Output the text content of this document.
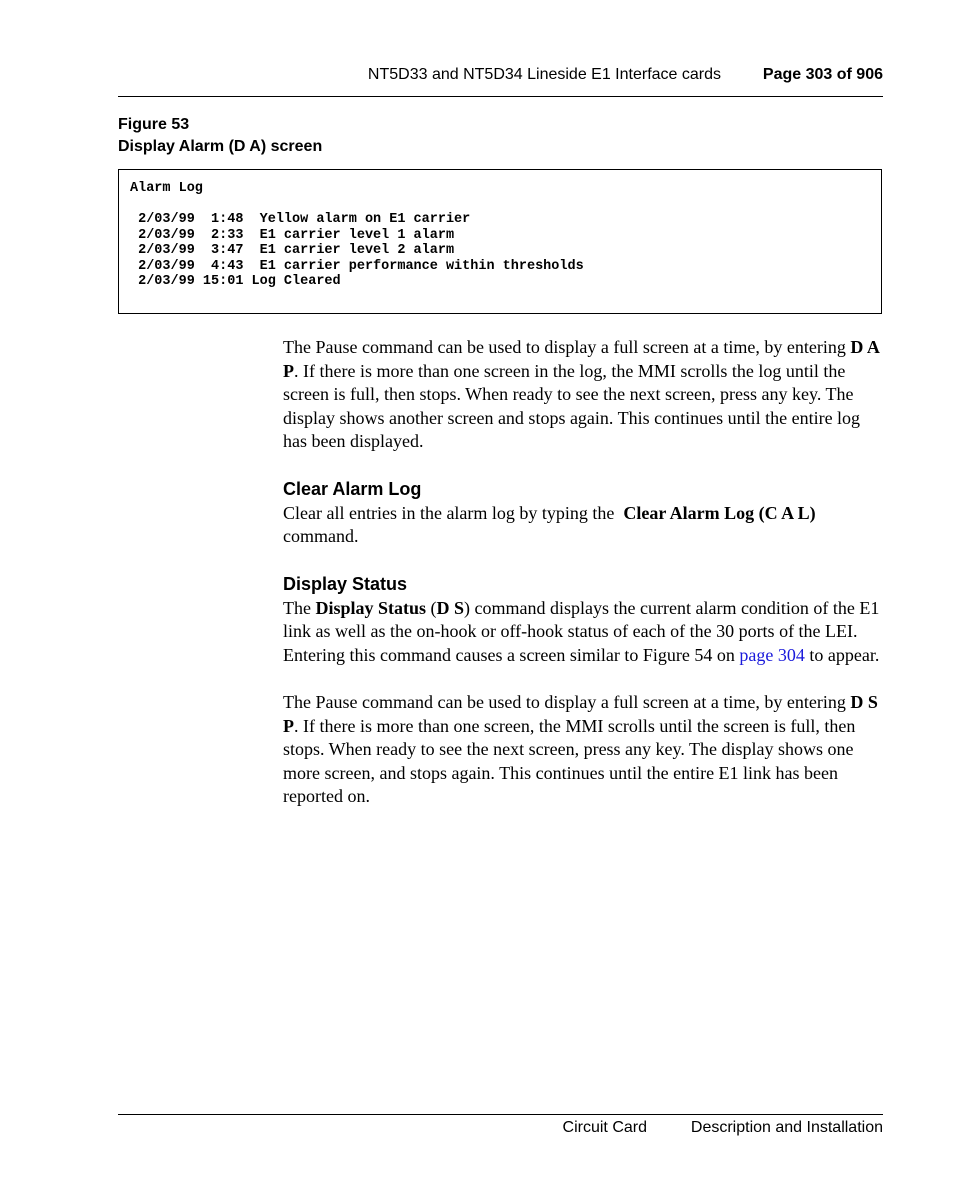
NT5D33 and NT5D34 Lineside E1 Interface cards	Page 303 of 906
Figure 53
Display Alarm (D A) screen
Alarm Log

2/03/99  1:48  Yellow alarm on E1 carrier
2/03/99  2:33  E1 carrier level 1 alarm
2/03/99  3:47  E1 carrier level 2 alarm
2/03/99  4:43  E1 carrier performance within thresholds
2/03/99 15:01 Log Cleared

The Pause command can be used to display a full screen at a time, by entering D A P. If there is more than one screen in the log, the MMI scrolls the log until the screen is full, then stops. When ready to see the next screen, press any key. The display shows another screen and stops again. This continues until the entire log has been displayed.

Clear Alarm Log

Clear all entries in the alarm log by typing the  Clear Alarm Log (C A L) command.

Display Status

The Display Status (D S) command displays the current alarm condition of the E1 link as well as the on-hook or off-hook status of each of the 30 ports of the LEI. Entering this command causes a screen similar to Figure 54 on page 304 to appear.

The Pause command can be used to display a full screen at a time, by entering D S P. If there is more than one screen, the MMI scrolls until the screen is full, then stops. When ready to see the next screen, press any key. The display shows one more screen, and stops again. This continues until the entire E1 link has been reported on.

Circuit Card	Description and Installation
